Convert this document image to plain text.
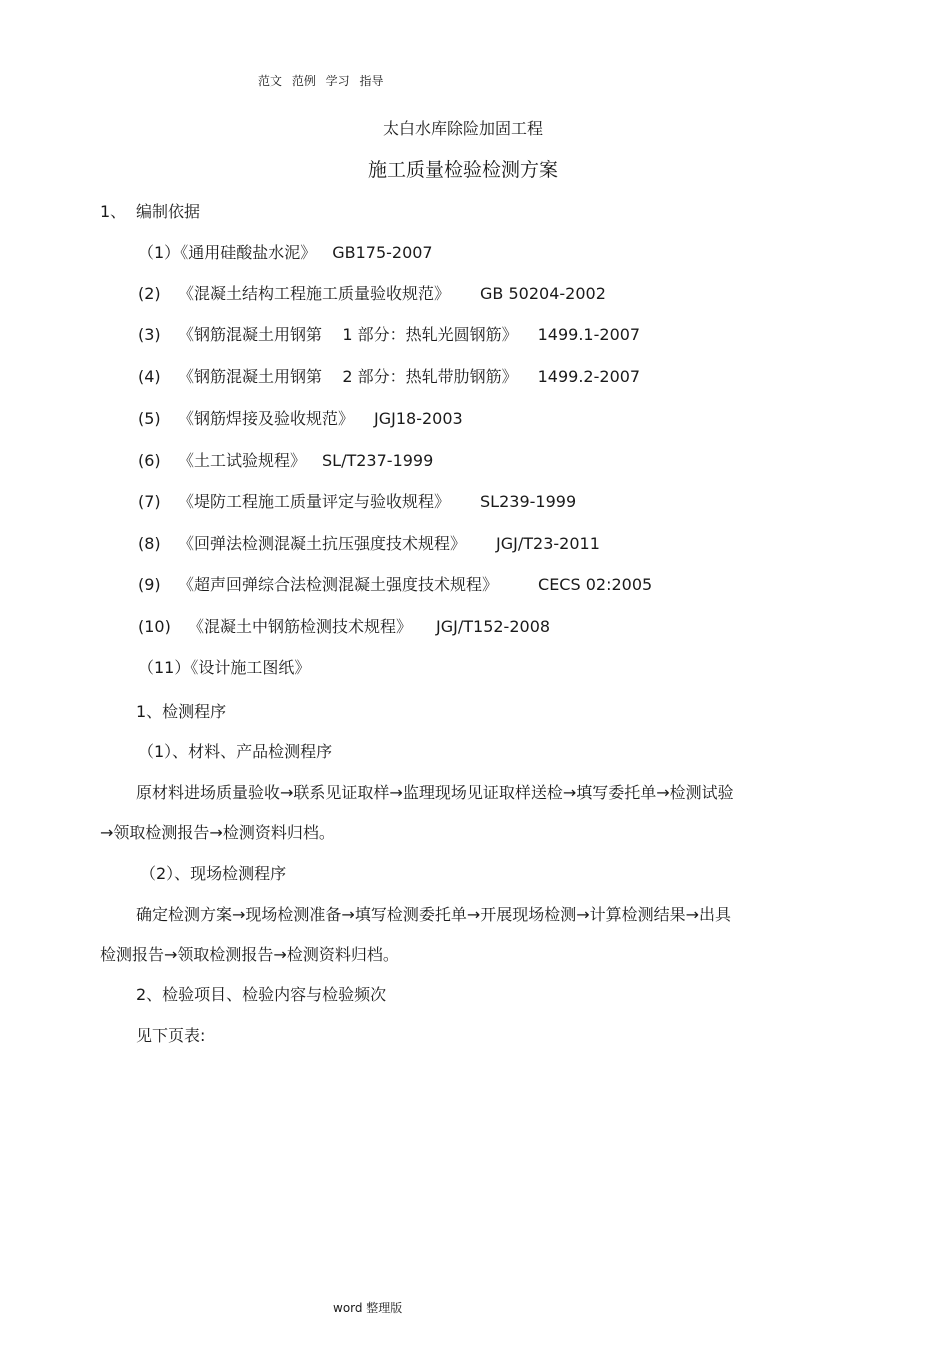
范文 范例 学习 指导
太白水库除险加固工程
施工质量检验检测方案
1、 编制依据
（1）《通用硅酸盐水泥》 GB175-2007
(2) 《混凝土结构工程施工质量验收规范》 GB 50204-2002
(3) 《钢筋混凝土用钢第    1 部分：热轧光圆钢筋》 1499.1-2007
(4) 《钢筋混凝土用钢第    2 部分：热轧带肋钢筋》 1499.2-2007
(5) 《钢筋焊接及验收规范》 JGJ18-2003
(6) 《土工试验规程》 SL/T237-1999
(7) 《堤防工程施工质量评定与验收规程》 SL239-1999
(8) 《回弹法检测混凝土抗压强度技术规程》 JGJ/T23-2011
(9) 《超声回弹综合法检测混凝土强度技术规程》	CECS 02:2005
(10) 《混凝土中钢筋检测技术规程》 JGJ/T152-2008
（11）《设计施工图纸》
1、检测程序
（1）、材料、产品检测程序
原材料进场质量验收→联系见证取样→监理现场见证取样送检→填写委托单→检测试验
→领取检测报告→检测资料归档。
（2）、现场检测程序
确定检测方案→现场检测准备→填写检测委托单→开展现场检测→计算检测结果→出具
检测报告→领取检测报告→检测资料归档。
2、检验项目、检验内容与检验频次
见下页表:
word 整理版
